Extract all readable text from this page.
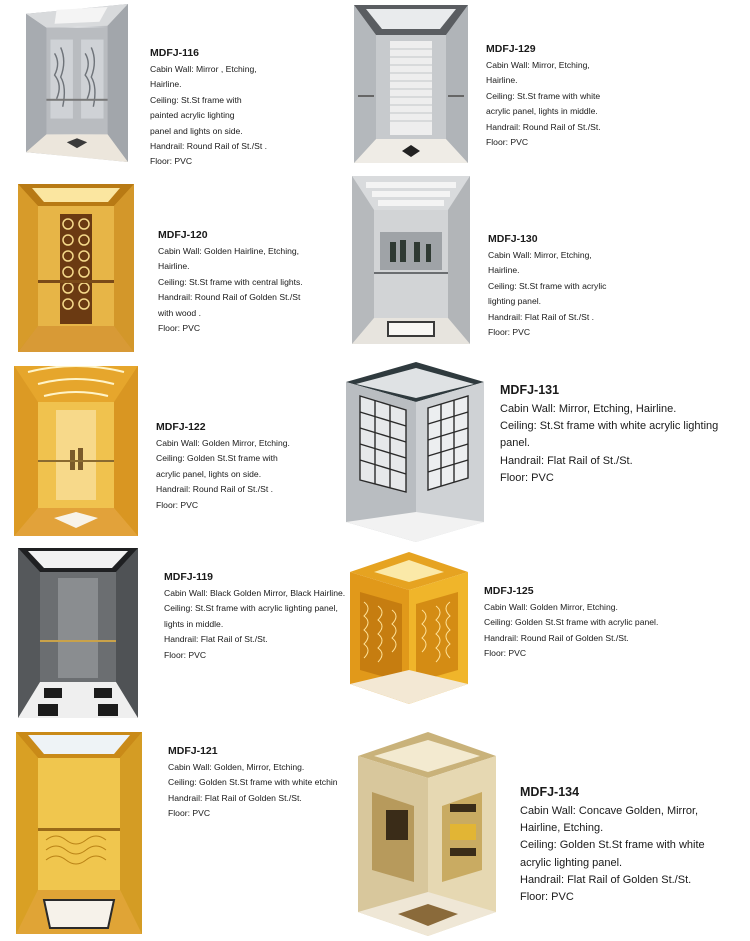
MDFJ-116
Cabin Wall: Mirror , Etching,
Hairline.
Ceiling: St.St frame with
painted acrylic lighting
panel and lights on side.
Handrail: Round Rail of St./St .
Floor: PVC
MDFJ-129
Cabin Wall: Mirror, Etching,
Hairline.
Ceiling: St.St frame with white
acrylic panel, lights in middle.
Handrail: Round Rail of St./St.
Floor: PVC
MDFJ-120
Cabin Wall: Golden Hairline, Etching,
Hairline.
Ceiling: St.St frame with central lights.
Handrail: Round Rail of Golden St./St
with wood .
Floor: PVC
MDFJ-130
Cabin Wall: Mirror, Etching,
Hairline.
Ceiling: St.St frame with acrylic
lighting panel.
Handrail: Flat Rail of St./St .
Floor: PVC
MDFJ-122
Cabin Wall: Golden Mirror, Etching.
Ceiling: Golden St.St frame with
acrylic panel, lights on side.
Handrail: Round Rail of St./St .
Floor: PVC
MDFJ-131
Cabin Wall: Mirror, Etching, Hairline.
Ceiling: St.St frame with white acrylic lighting
panel.
Handrail: Flat Rail of St./St.
Floor: PVC
MDFJ-119
Cabin Wall: Black Golden Mirror, Black Hairline.
Ceiling: St.St frame with acrylic lighting panel,
lights in middle.
Handrail: Flat Rail of St./St.
Floor: PVC
MDFJ-125
Cabin Wall: Golden Mirror, Etching.
Ceiling: Golden St.St frame with acrylic panel.
Handrail: Round Rail of Golden St./St.
Floor: PVC
MDFJ-121
Cabin Wall: Golden, Mirror, Etching.
Ceiling: Golden St.St frame with white etchin
Handrail: Flat Rail of Golden St./St.
Floor: PVC
MDFJ-134
Cabin Wall: Concave Golden, Mirror,
Hairline, Etching.
Ceiling: Golden St.St frame with white
acrylic lighting panel.
Handrail: Flat Rail of Golden St./St.
Floor: PVC
